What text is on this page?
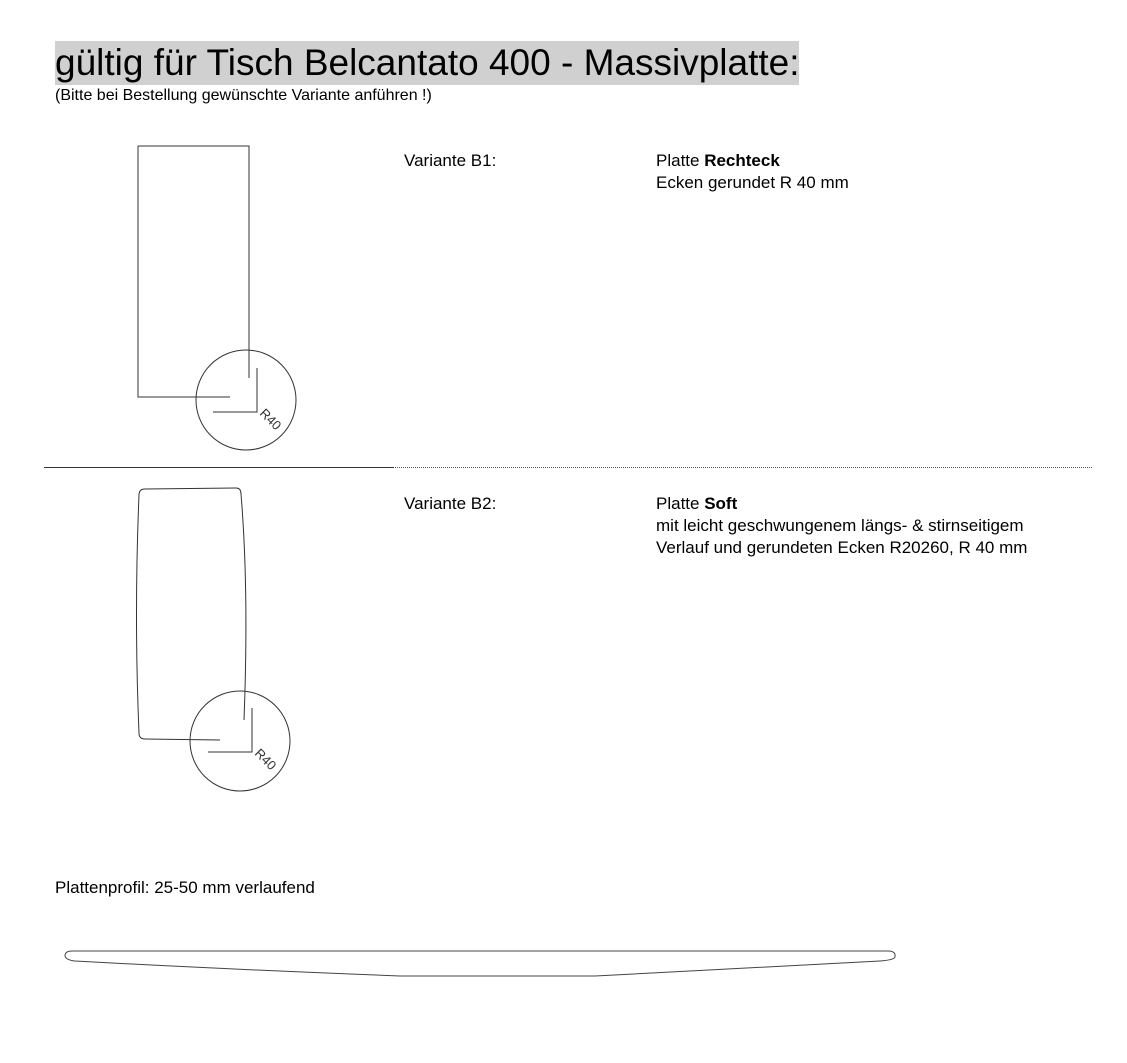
gültig für Tisch Belcantato 400 - Massivplatte:
(Bitte bei Bestellung gewünschte Variante anführen !)
R40
Variante B1:	Platte Rechteck
Ecken gerundet R 40 mm
R40
Variante B2:	Platte Soft
mit leicht geschwungenem längs- & stirnseitigem
Verlauf und gerundeten Ecken R20260, R 40 mm
Plattenprofil: 25-50 mm verlaufend
